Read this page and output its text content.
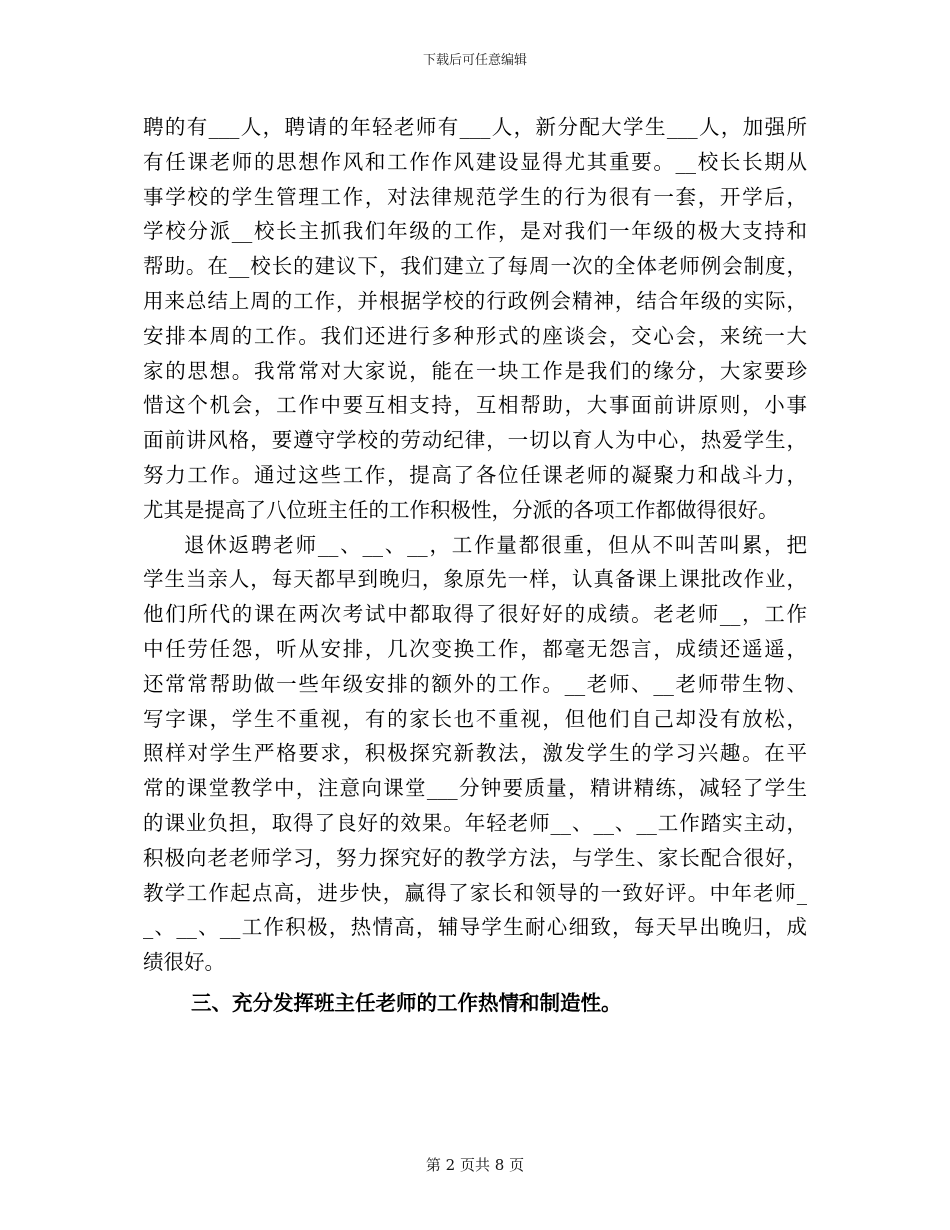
下载后可任意编辑
聘的有___人，聘请的年轻老师有___人，新分配大学生___人，加强所
有任课老师的思想作风和工作作风建设显得尤其重要。__校长长期从
事学校的学生管理工作，对法律规范学生的行为很有一套，开学后，
学校分派__校长主抓我们年级的工作，是对我们一年级的极大支持和
帮助。在__校长的建议下，我们建立了每周一次的全体老师例会制度，
用来总结上周的工作，并根据学校的行政例会精神，结合年级的实际，
安排本周的工作。我们还进行多种形式的座谈会，交心会，来统一大
家的思想。我常常对大家说，能在一块工作是我们的缘分，大家要珍
惜这个机会，工作中要互相支持，互相帮助，大事面前讲原则，小事
面前讲风格，要遵守学校的劳动纪律，一切以育人为中心，热爱学生，
努力工作。通过这些工作，提高了各位任课老师的凝聚力和战斗力，
尤其是提高了八位班主任的工作积极性，分派的各项工作都做得很好。
退休返聘老师__、__、__，工作量都很重，但从不叫苦叫累，把
学生当亲人，每天都早到晚归，象原先一样，认真备课上课批改作业，
他们所代的课在两次考试中都取得了很好好的成绩。老老师__，工作
中任劳任怨，听从安排，几次变换工作，都毫无怨言，成绩还遥遥，
还常常帮助做一些年级安排的额外的工作。__老师、__老师带生物、
写字课，学生不重视，有的家长也不重视，但他们自己却没有放松，
照样对学生严格要求，积极探究新教法，激发学生的学习兴趣。在平
常的课堂教学中，注意向课堂___分钟要质量，精讲精练，减轻了学生
的课业负担，取得了良好的效果。年轻老师__、__、__工作踏实主动，
积极向老老师学习，努力探究好的教学方法，与学生、家长配合很好，
教学工作起点高，进步快，赢得了家长和领导的一致好评。中年老师_
_、__、__工作积极，热情高，辅导学生耐心细致，每天早出晚归，成
绩很好。
三、充分发挥班主任老师的工作热情和制造性。
第 2 页共 8 页
